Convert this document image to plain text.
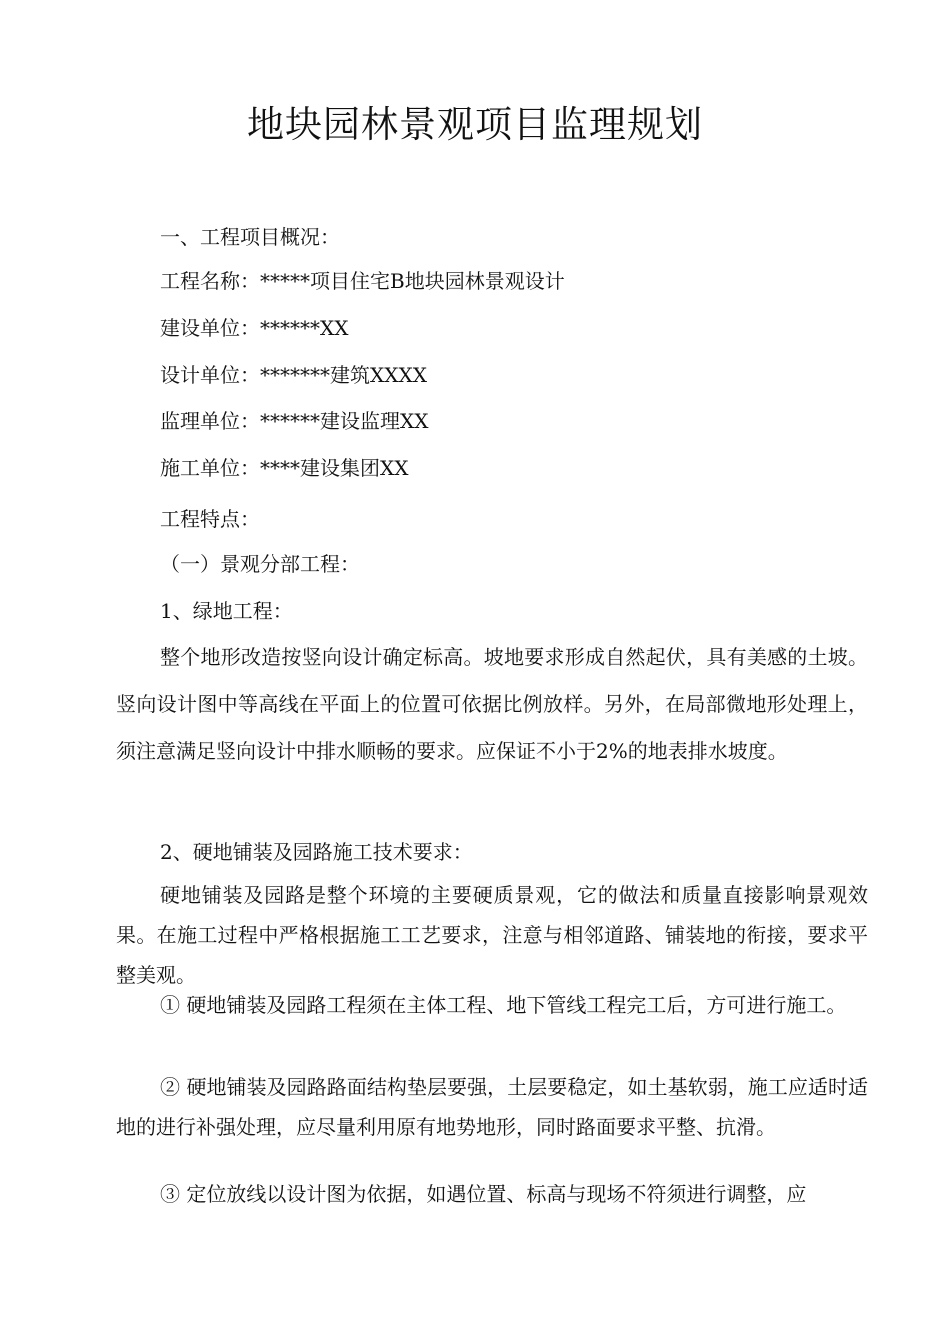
地块园林景观项目监理规划

一、工程项目概况：

工程名称：*****项目住宅B地块园林景观设计

建设单位：******XX

设计单位：*******建筑XXXX

监理单位：******建设监理XX

施工单位：****建设集团XX

工程特点：

（一）景观分部工程：

1、绿地工程：

整个地形改造按竖向设计确定标高。坡地要求形成自然起伏，具有美感的土坡。竖向设计图中等高线在平面上的位置可依据比例放样。另外，在局部微地形处理上，须注意满足竖向设计中排水顺畅的要求。应保证不小于2%的地表排水坡度。

2、硬地铺装及园路施工技术要求：

硬地铺装及园路是整个环境的主要硬质景观，它的做法和质量直接影响景观效果。在施工过程中严格根据施工工艺要求，注意与相邻道路、铺装地的衔接，要求平整美观。

① 硬地铺装及园路工程须在主体工程、地下管线工程完工后，方可进行施工。

② 硬地铺装及园路路面结构垫层要强，土层要稳定，如土基软弱，施工应适时适地的进行补强处理，应尽量利用原有地势地形，同时路面要求平整、抗滑。

③ 定位放线以设计图为依据，如遇位置、标高与现场不符须进行调整，应
